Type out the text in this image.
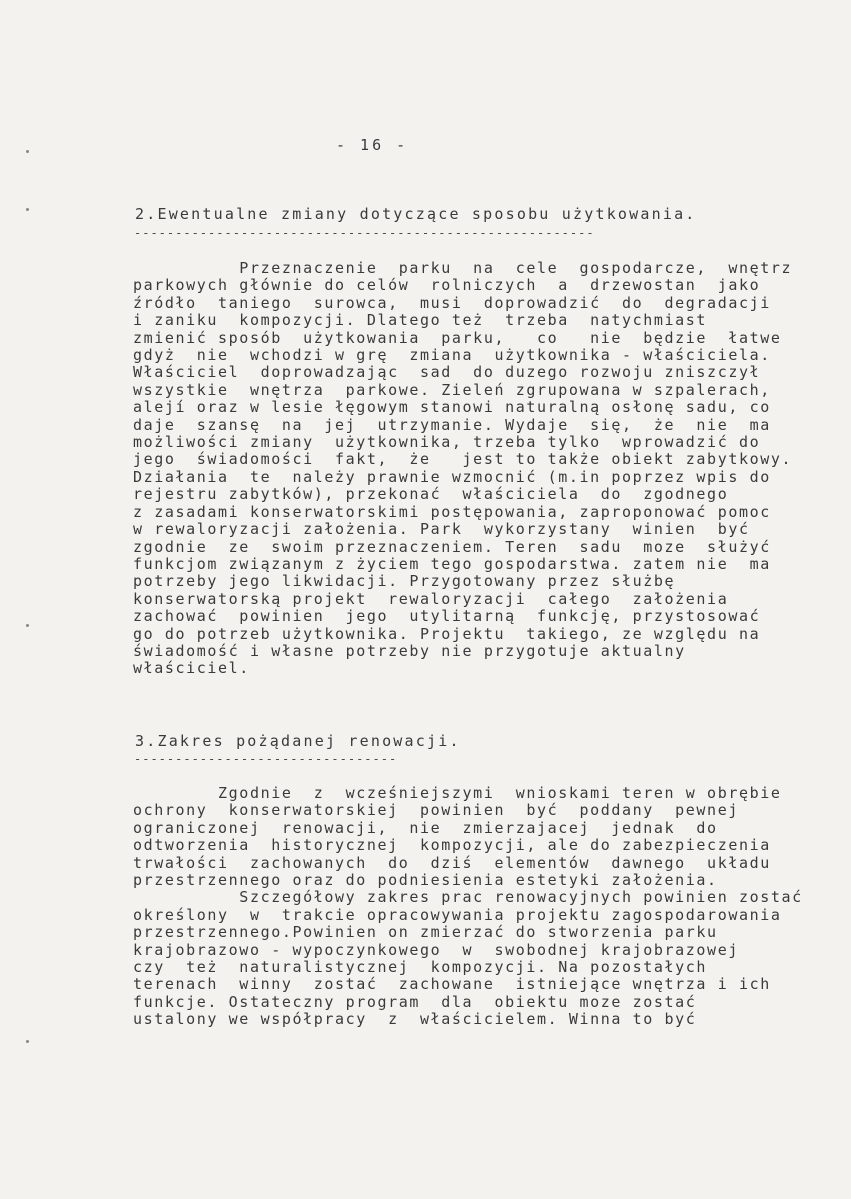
- 16 -
2.Ewentualne zmiany dotyczące sposobu użytkowania.
--------------------------------------------------------
Przeznaczenie  parku  na  cele  gospodarcze,  wnętrz
parkowych głównie do celów  rolniczych  a  drzewostan  jako
źródło  taniego  surowca,  musi  doprowadzić  do  degradacji
i zaniku  kompozycji. Dlatego też  trzeba  natychmiast
zmienić sposób  użytkowania  parku,   co   nie  będzie  łatwe
gdyż  nie  wchodzi w grę  zmiana  użytkownika - właściciela.
Właściciel  doprowadzając  sad  do duzego rozwoju zniszczył
wszystkie  wnętrza  parkowe. Zieleń zgrupowana w szpalerach,
alejí oraz w lesie łęgowym stanowi naturalną osłonę sadu, co
daje  szansę  na  jej  utrzymanie. Wydaje  się,  że  nie  ma
możliwości zmiany  użytkownika, trzeba tylko  wprowadzić do
jego  świadomości  fakt,  że   jest to także obiekt zabytkowy.
Działania  te  należy prawnie wzmocnić (m.in poprzez wpis do
rejestru zabytków), przekonać  właściciela  do  zgodnego
z zasadami konserwatorskimi postępowania, zaproponować pomoc
w rewaloryzacji założenia. Park  wykorzystany  winien  być
zgodnie  ze  swoim przeznaczeniem. Teren  sadu  moze  służyć
funkcjom związanym z życiem tego gospodarstwa. zatem nie  ma
potrzeby jego likwidacji. Przygotowany przez służbę
konserwatorską projekt  rewaloryzacji  całego  założenia
zachować  powinien  jego  utylitarną  funkcję, przystosować
go do potrzeb użytkownika. Projektu  takiego, ze względu na
świadomość i własne potrzeby nie przygotuje aktualny
właściciel.
3.Zakres pożądanej renowacji.
--------------------------------
Zgodnie  z  wcześniejszymi  wnioskami teren w obrębie
ochrony  konserwatorskiej  powinien  być  poddany  pewnej
ograniczonej  renowacji,  nie  zmierzajacej  jednak  do
odtworzenia  historycznej  kompozycji, ale do zabezpieczenia
trwałości  zachowanych  do  dziś  elementów  dawnego  układu
przestrzennego oraz do podniesienia estetyki założenia.
Szczegółowy zakres prac renowacyjnych powinien zostać
określony  w  trakcie opracowywania projektu zagospodarowania
przestrzennego.Powinien on zmierzać do stworzenia parku
krajobrazowo - wypoczynkowego  w  swobodnej krajobrazowej
czy  też  naturalistycznej  kompozycji. Na pozostałych
terenach  winny  zostać  zachowane  istniejące wnętrza i ich
funkcje. Ostateczny program  dla  obiektu moze zostać
ustalony we współpracy  z  właścicielem. Winna to być
